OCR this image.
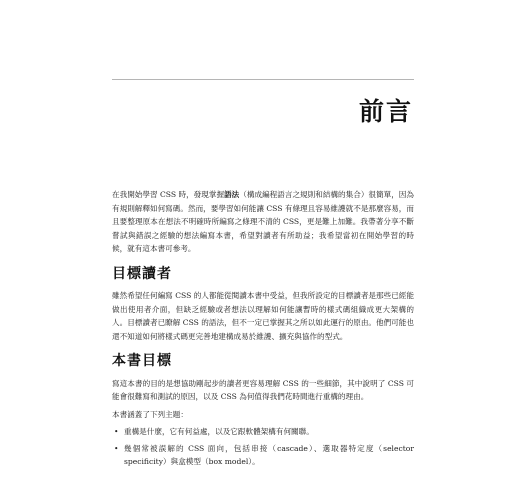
前言

在我開始學習 CSS 時，發現掌握語法（構成編程語言之規則和結構的集合）很簡單，因為有規則解釋如何寫碼。然而，要學習如何能讓 CSS 有條理且容易維護就不是那麼容易，而且要整理原本在想法不明確時所編寫之條理不清的 CSS，更是難上加難。我帶著分享不斷嘗試與錯誤之經驗的想法編寫本書，希望對讀者有所助益；我希望當初在開始學習的時候，就有這本書可參考。

目標讀者

雖然希望任何編寫 CSS 的人都能從閱讀本書中受益，但我所設定的目標讀者是那些已經能做出使用者介面，但缺乏經驗或者想法以理解如何能讓暫時的樣式碼組織成更大架構的人。目標讀者已瞭解 CSS 的語法，但不一定已掌握其之所以如此運行的原由。他們可能也還不知道如何將樣式碼更完善地建構成易於維護、擴充與協作的型式。

本書目標

寫這本書的目的是想協助剛起步的讀者更容易理解 CSS 的一些細節，其中說明了 CSS 可能會很難寫和測試的原因，以及 CSS 為何值得我們花時間進行重構的理由。

本書涵蓋了下列主題：

• 重構是什麼，它有何益處，以及它跟軟體架構有何關聯。
• 幾個常被誤解的 CSS 面向，包括串接（cascade）、選取器特定度（selector specificity）與盒模型（box model）。
